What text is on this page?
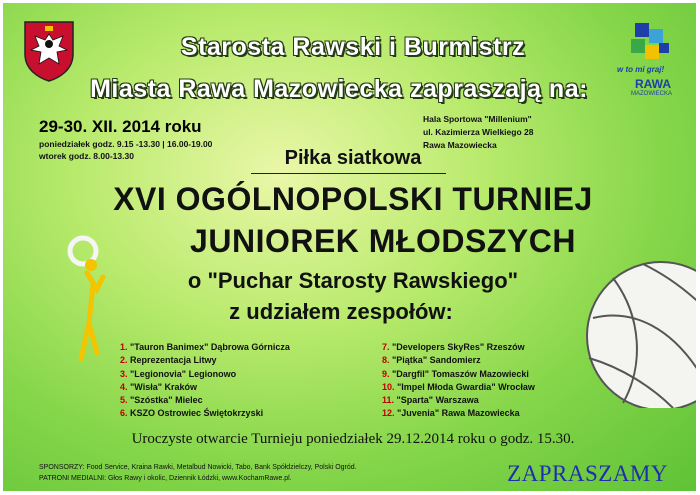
w to mi graj!
RAWA
MAZOWIECKA
Starosta Rawski i Burmistrz
Miasta Rawa Mazowiecka zapraszają na:
29-30. XII. 2014 roku
poniedziałek godz. 9.15 -13.30 | 16.00-19.00
wtorek godz. 8.00-13.30
Hala Sportowa "Millenium"
ul. Kazimierza Wielkiego 28
Rawa Mazowiecka
Piłka siatkowa
XVI OGÓLNOPOLSKI TURNIEJ
JUNIOREK MŁODSZYCH
o "Puchar Starosty Rawskiego"
z udziałem zespołów:
1. "Tauron Banimex" Dąbrowa Górnicza
2. Reprezentacja Litwy
3. "Legionovia" Legionowo
4. "Wisła" Kraków
5. "Szóstka" Mielec
6. KSZO Ostrowiec Świętokrzyski
7. "Developers SkyRes" Rzeszów
8. "Piątka" Sandomierz
9. "Dargfil" Tomaszów Mazowiecki
10. "Impel Młoda Gwardia" Wrocław
11. "Sparta" Warszawa
12. "Juvenia" Rawa Mazowiecka
Uroczyste otwarcie Turnieju poniedziałek 29.12.2014 roku o godz. 15.30.
SPONSORZY: Food Service, Kraina Rawki, Metalbud Nowicki, Tabo, Bank Spółdzielczy, Polski Ogród.
PATRONI MEDIALNI: Głos Rawy i okolic, Dziennik Łódzki, www.KochamRawe.pl.	ZAPRASZAMY
